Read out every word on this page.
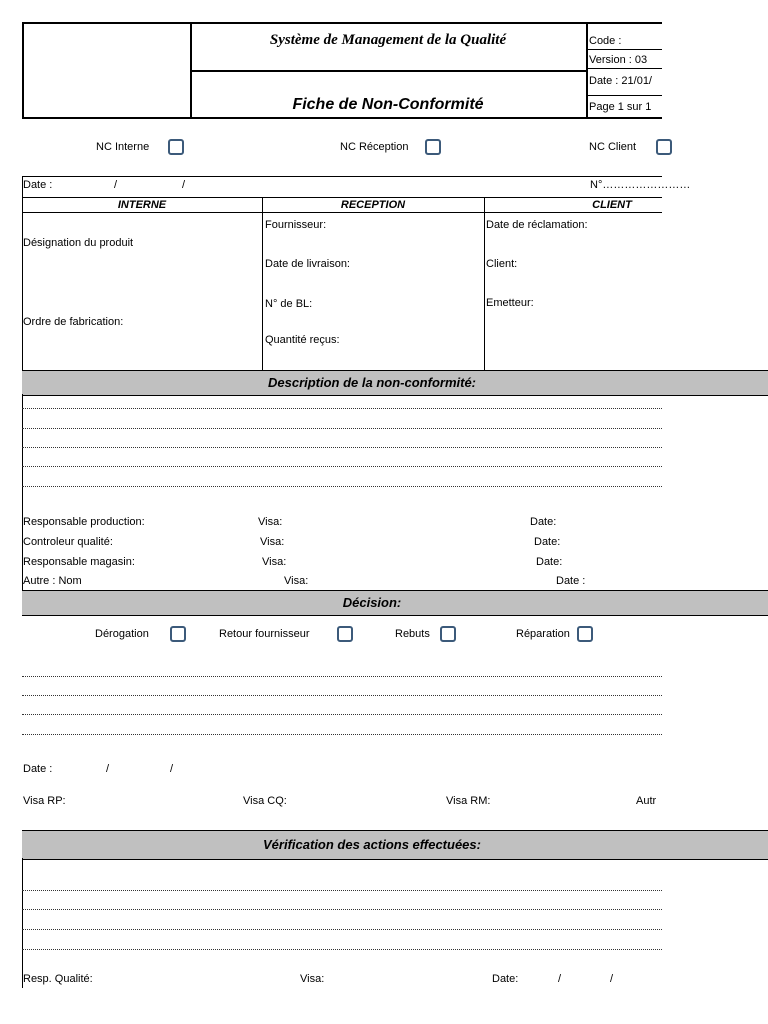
Système de Management de la Qualité
Fiche de Non-Conformité
Code :
Version : 03
Date : 21/01/
Page 1 sur 1
NC Interne	NC Réception	NC Client
Date :	/	/	N°……………………
INTERNE	RECEPTION	CLIENT
Désignation du produit
Ordre de fabrication:
Fournisseur:
Date de livraison:
N° de BL:
Quantité reçus:
Date de réclamation:
Client:
Emetteur:
Description de la non-conformité:
Responsable production:	Visa:	Date:
Controleur qualité:	Visa:	Date:
Responsable magasin:	Visa:	Date:
Autre : Nom	Visa:	Date :
Décision:
Dérogation	Retour fournisseur	Rebuts	Réparation
Date :	/	/
Visa RP:	Visa CQ:	Visa RM:	Autr
Vérification des actions effectuées:
Resp. Qualité:	Visa:	Date:	/	/
